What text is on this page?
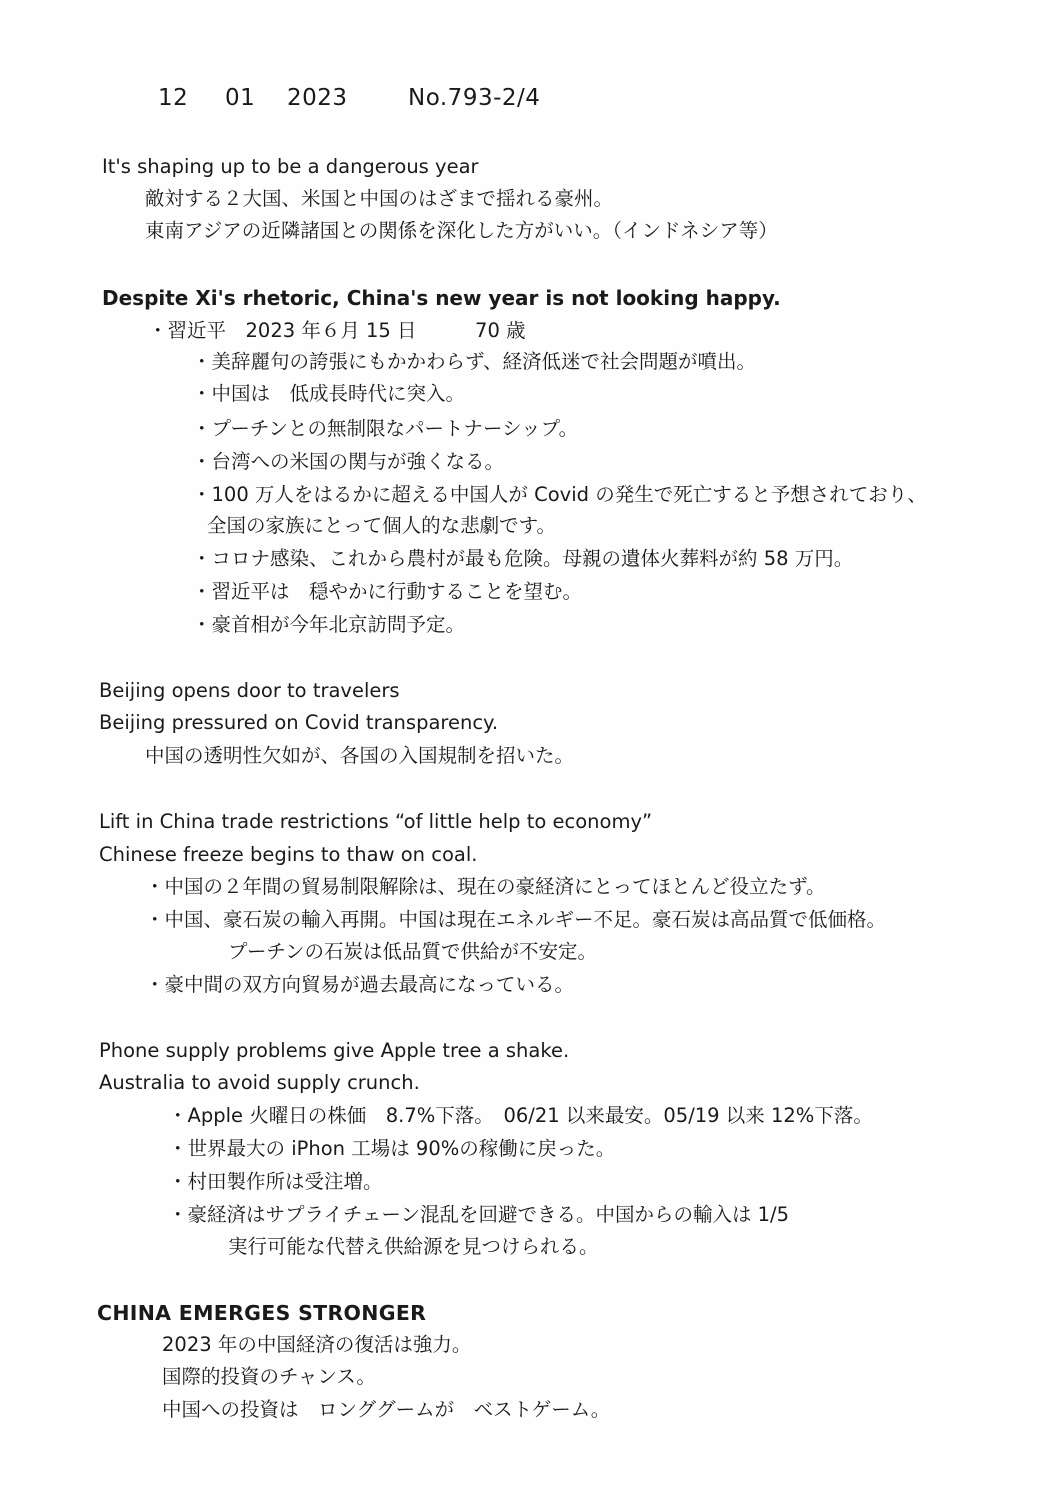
12 01 2023	No.793-2/4
It's shaping up to be a dangerous year
敵対する２大国、米国と中国のはざまで揺れる豪州。
東南アジアの近隣諸国との関係を深化した方がいい。（インドネシア等）
Despite Xi's rhetoric, China's new year is not looking happy.
・習近平　2023 年６月 15 日　　　70 歳
・美辞麗句の誇張にもかかわらず、経済低迷で社会問題が噴出。
・中国は　低成長時代に突入。
・プーチンとの無制限なパートナーシップ。
・台湾への米国の関与が強くなる。
・100 万人をはるかに超える中国人が Covid の発生で死亡すると予想されており、
全国の家族にとって個人的な悲劇です。
・コロナ感染、これから農村が最も危険。母親の遺体火葬料が約 58 万円。
・習近平は　穏やかに行動することを望む。
・豪首相が今年北京訪問予定。
Beijing opens door to travelers
Beijing pressured on Covid transparency.
中国の透明性欠如が、各国の入国規制を招いた。
Lift in China trade restrictions “of little help to economy”
Chinese freeze begins to thaw on coal.
・中国の２年間の貿易制限解除は、現在の豪経済にとってほとんど役立たず。
・中国、豪石炭の輸入再開。中国は現在エネルギー不足。豪石炭は高品質で低価格。
プーチンの石炭は低品質で供給が不安定。
・豪中間の双方向貿易が過去最高になっている。
Phone supply problems give Apple tree a shake.
Australia to avoid supply crunch.
・Apple 火曜日の株価　8.7%下落。　06/21 以来最安。05/19 以来 12%下落。
・世界最大の iPhon 工場は 90%の稼働に戻った。
・村田製作所は受注増。
・豪経済はサプライチェーン混乱を回避できる。中国からの輸入は 1/5
実行可能な代替え供給源を見つけられる。
CHINA EMERGES STRONGER
2023 年の中国経済の復活は強力。
国際的投資のチャンス。
中国への投資は　ロンググームが　ベストゲーム。
